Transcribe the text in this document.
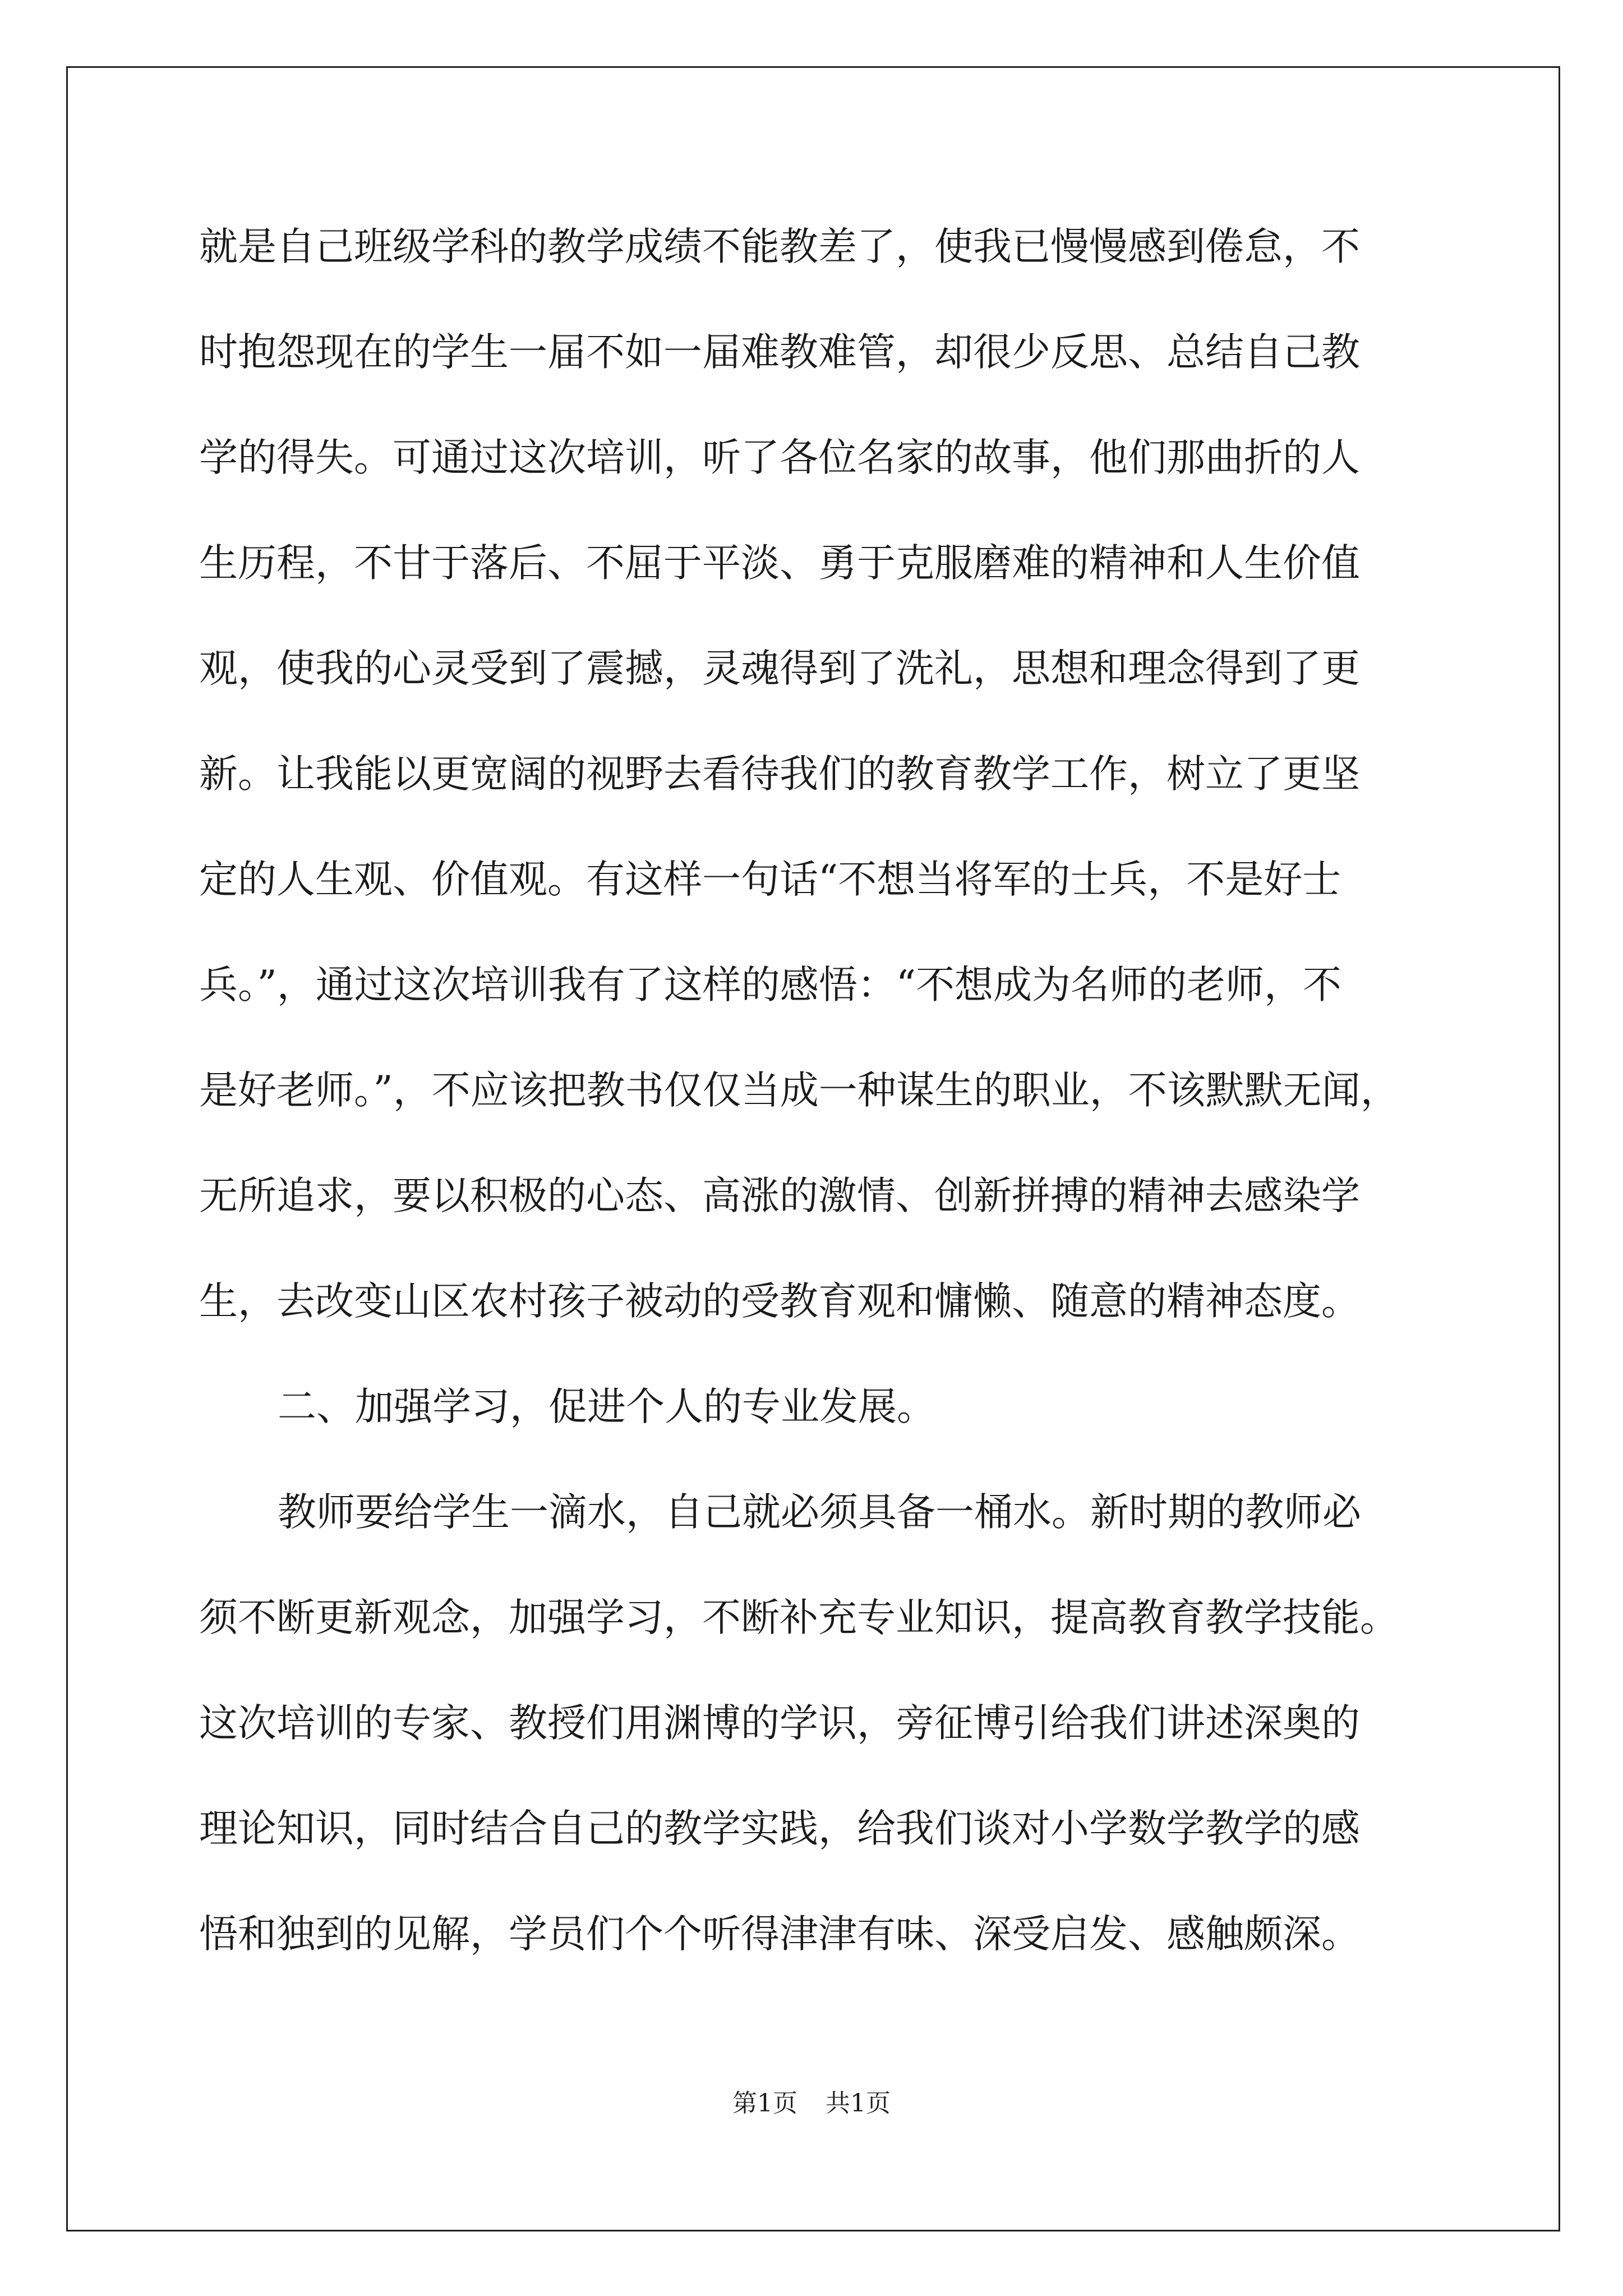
就是自己班级学科的教学成绩不能教差了，使我已慢慢感到倦怠，不
时抱怨现在的学生一届不如一届难教难管，却很少反思、总结自己教
学的得失。可通过这次培训，听了各位名家的故事，他们那曲折的人
生历程，不甘于落后、不屈于平淡、勇于克服磨难的精神和人生价值
观，使我的心灵受到了震撼，灵魂得到了洗礼，思想和理念得到了更
新。让我能以更宽阔的视野去看待我们的教育教学工作，树立了更坚
定的人生观、价值观。有这样一句话“不想当将军的士兵，不是好士
兵。”，通过这次培训我有了这样的感悟：“不想成为名师的老师，不
是好老师。”，不应该把教书仅仅当成一种谋生的职业，不该默默无闻，
无所追求，要以积极的心态、高涨的激情、创新拼搏的精神去感染学
生，去改变山区农村孩子被动的受教育观和慵懒、随意的精神态度。
二、加强学习，促进个人的专业发展。
教师要给学生一滴水，自己就必须具备一桶水。新时期的教师必
须不断更新观念，加强学习，不断补充专业知识，提高教育教学技能。
这次培训的专家、教授们用渊博的学识，旁征博引给我们讲述深奥的
理论知识，同时结合自己的教学实践，给我们谈对小学数学教学的感
悟和独到的见解，学员们个个听得津津有味、深受启发、感触颇深。
第1页 共1页
